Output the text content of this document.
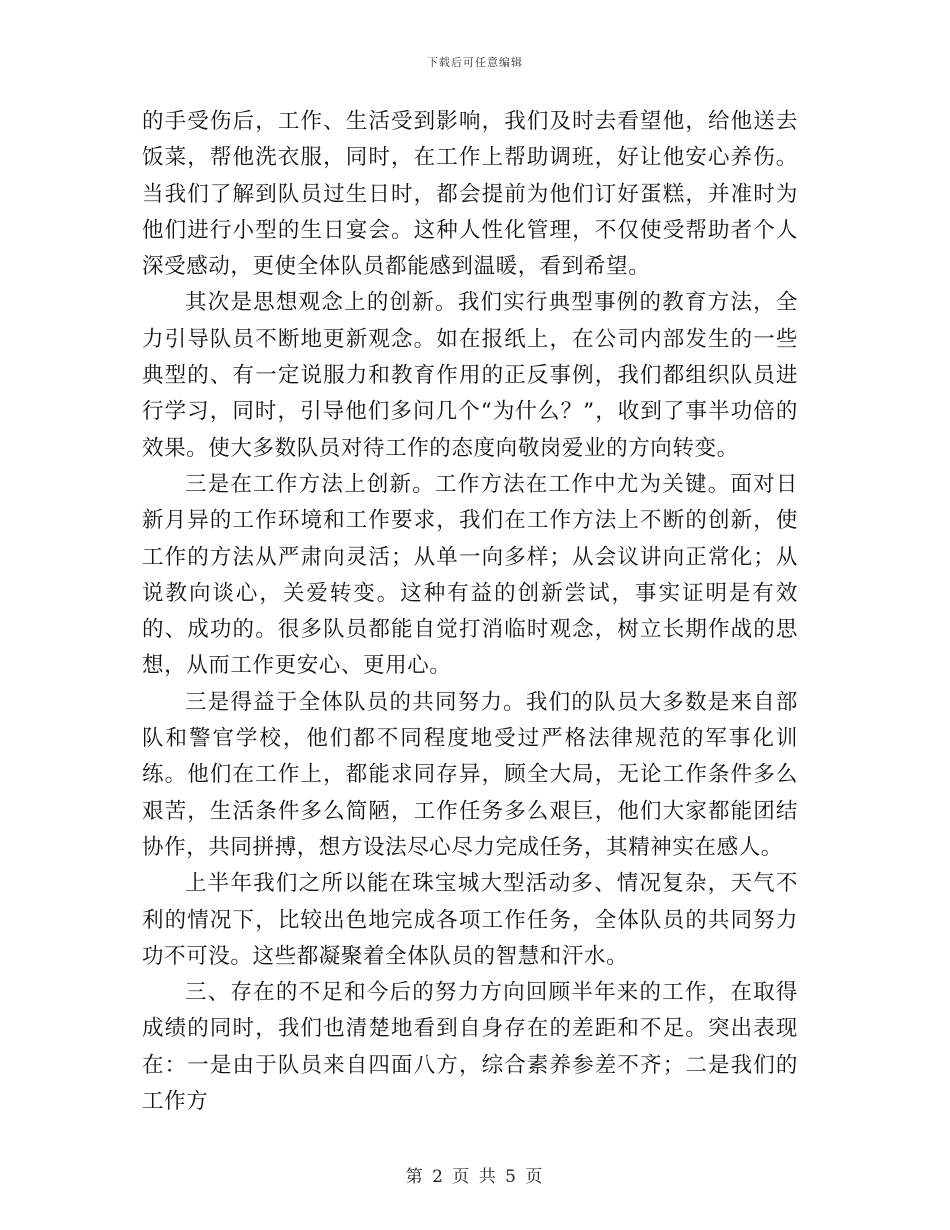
下载后可任意编辑

的手受伤后，工作、生活受到影响，我们及时去看望他，给他送去饭菜，帮他洗衣服，同时，在工作上帮助调班，好让他安心养伤。当我们了解到队员过生日时，都会提前为他们订好蛋糕，并准时为他们进行小型的生日宴会。这种人性化管理，不仅使受帮助者个人深受感动，更使全体队员都能感到温暖，看到希望。

其次是思想观念上的创新。我们实行典型事例的教育方法，全力引导队员不断地更新观念。如在报纸上，在公司内部发生的一些典型的、有一定说服力和教育作用的正反事例，我们都组织队员进行学习，同时，引导他们多问几个“为什么？”，收到了事半功倍的效果。使大多数队员对待工作的态度向敬岗爱业的方向转变。

三是在工作方法上创新。工作方法在工作中尤为关键。面对日新月异的工作环境和工作要求，我们在工作方法上不断的创新，使工作的方法从严肃向灵活；从单一向多样；从会议讲向正常化；从说教向谈心，关爱转变。这种有益的创新尝试，事实证明是有效的、成功的。很多队员都能自觉打消临时观念，树立长期作战的思想，从而工作更安心、更用心。

三是得益于全体队员的共同努力。我们的队员大多数是来自部队和警官学校，他们都不同程度地受过严格法律规范的军事化训练。他们在工作上，都能求同存异，顾全大局，无论工作条件多么艰苦，生活条件多么简陋，工作任务多么艰巨，他们大家都能团结协作，共同拼搏，想方设法尽心尽力完成任务，其精神实在感人。

上半年我们之所以能在珠宝城大型活动多、情况复杂，天气不利的情况下，比较出色地完成各项工作任务，全体队员的共同努力功不可没。这些都凝聚着全体队员的智慧和汗水。

三、存在的不足和今后的努力方向回顾半年来的工作，在取得成绩的同时，我们也清楚地看到自身存在的差距和不足。突出表现在：一是由于队员来自四面八方，综合素养参差不齐；二是我们的工作方

第 2 页 共 5 页
